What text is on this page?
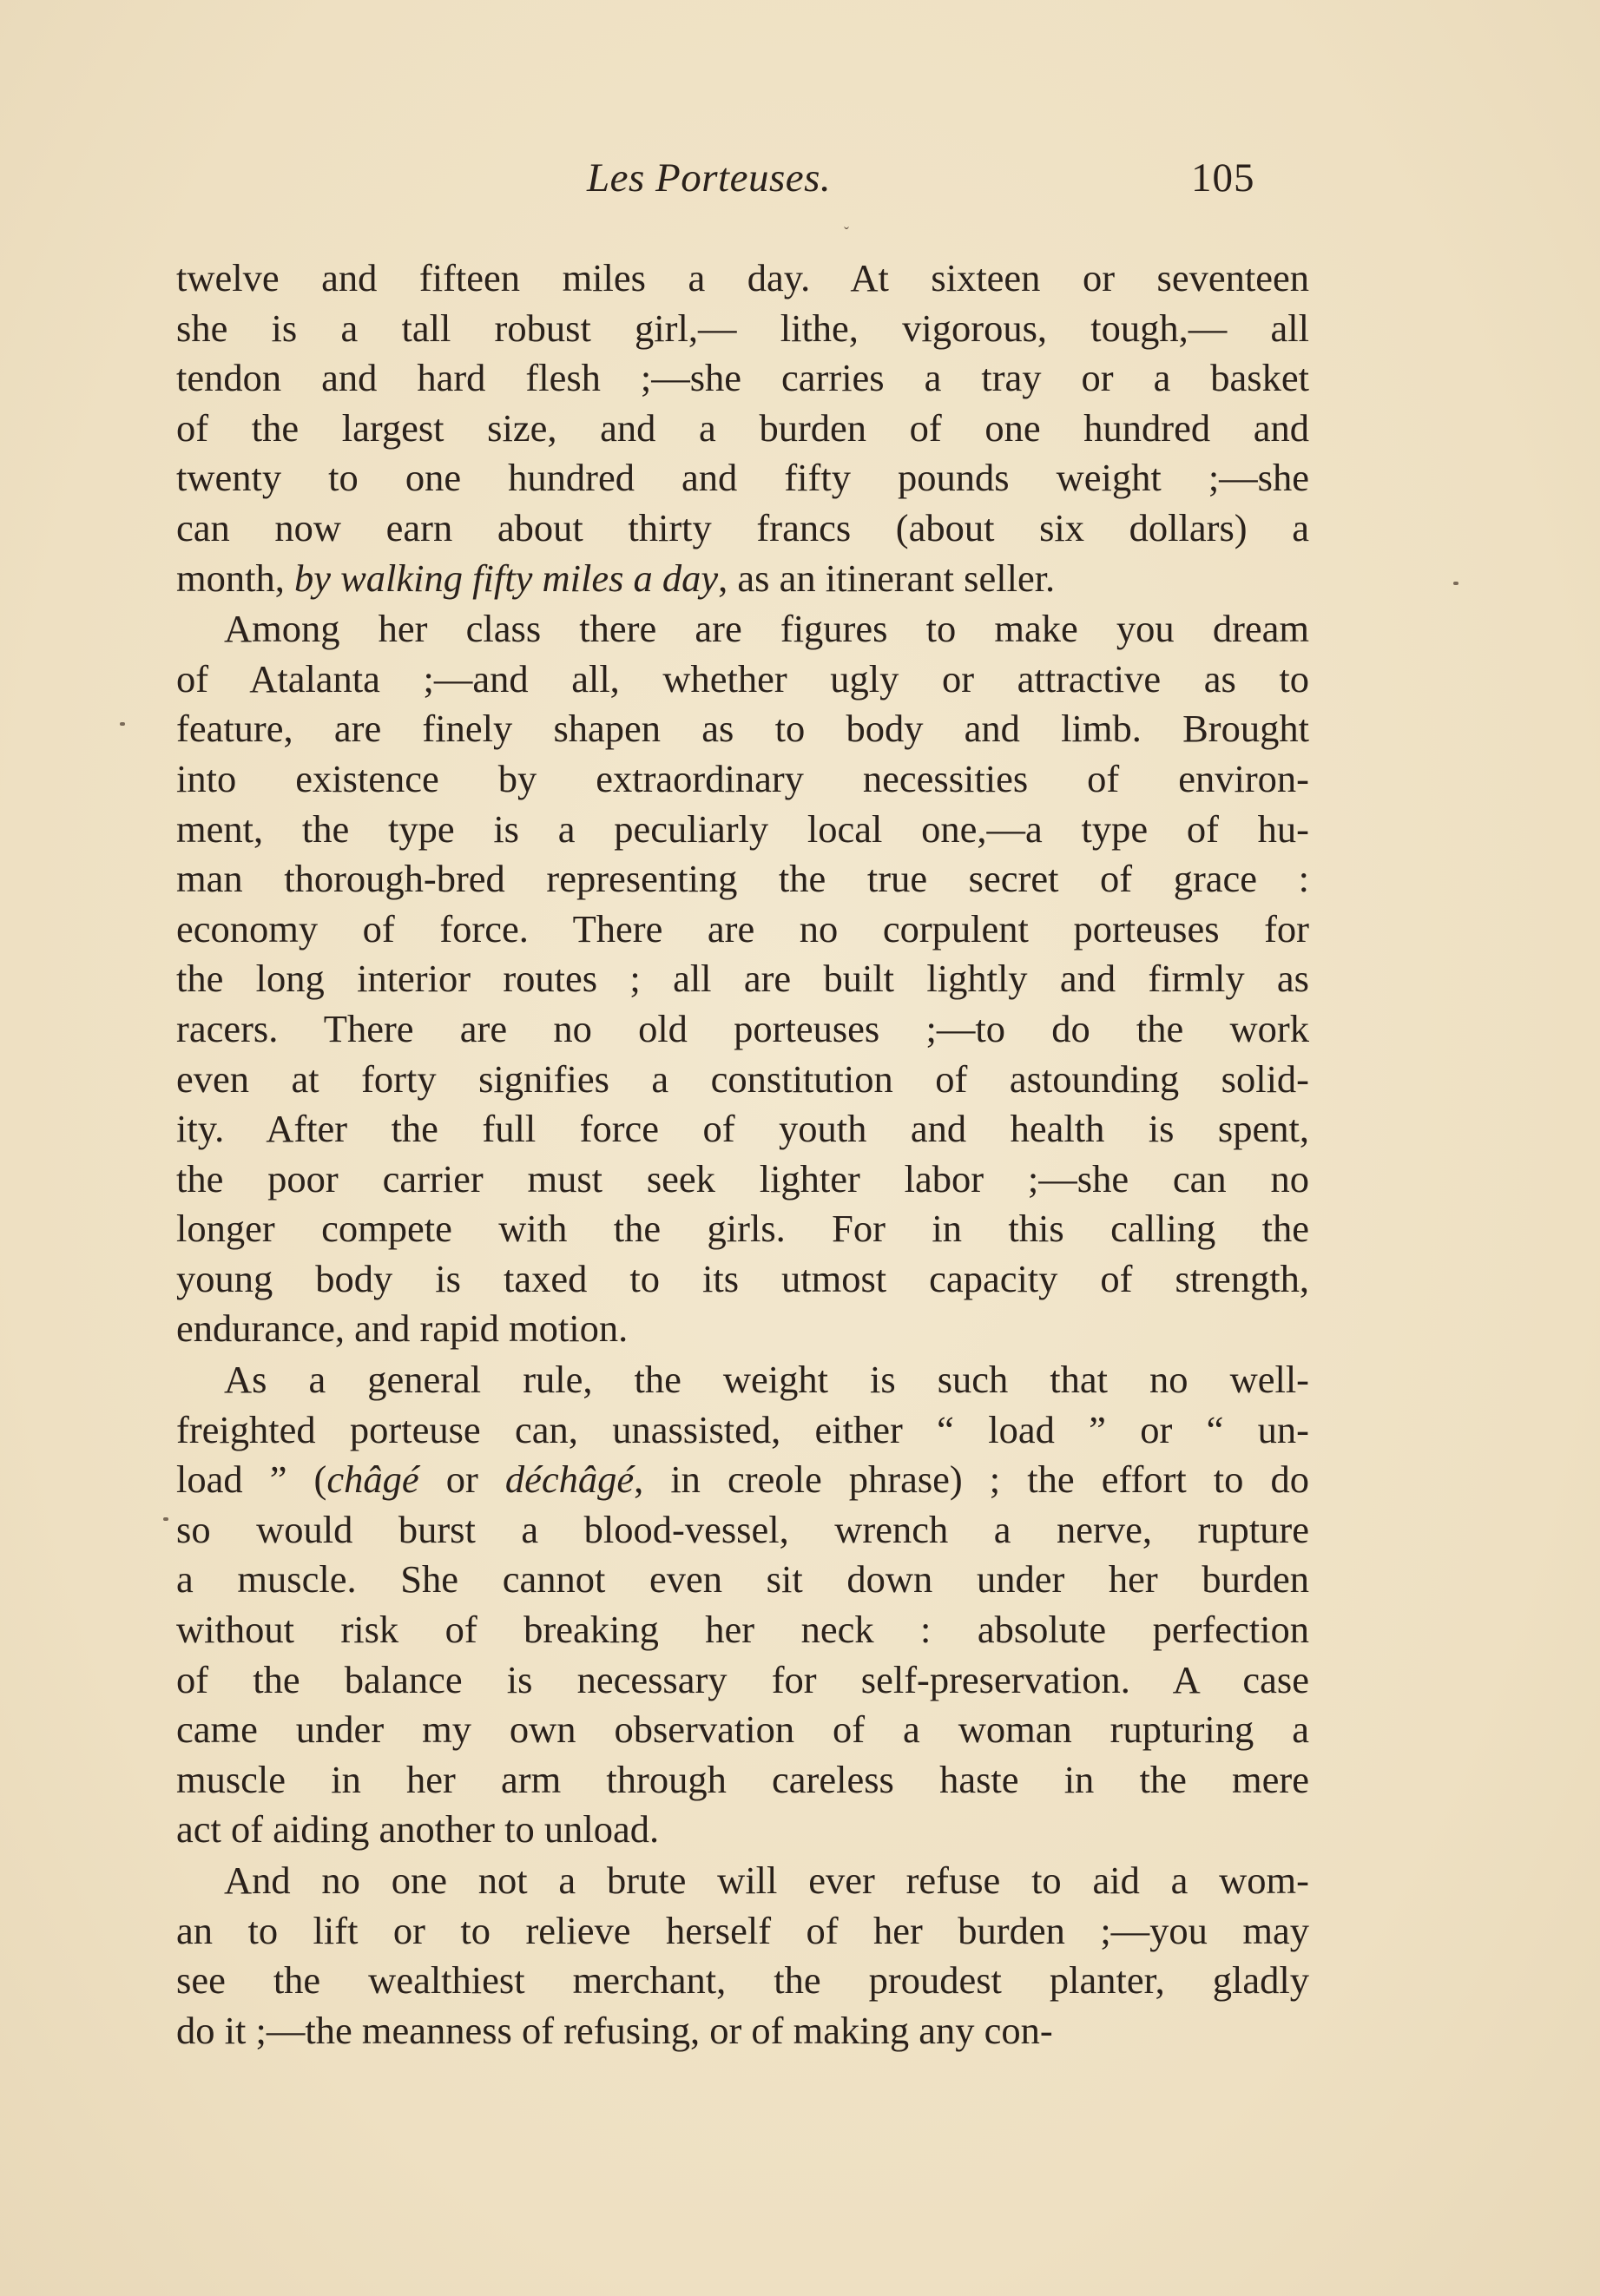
Les Porteuses.	105
ˇ
twelve and fifteen miles a day. At sixteen or seventeen
she is a tall robust girl,— lithe, vigorous, tough,— all
tendon and hard flesh ;—she carries a tray or a basket
of the largest size, and a burden of one hundred and
twenty to one hundred and fifty pounds weight ;—she
can now earn about thirty francs (about six dollars) a
month, by walking fifty miles a day, as an itinerant seller.
Among her class there are figures to make you dream
of Atalanta ;—and all, whether ugly or attractive as to
feature, are finely shapen as to body and limb. Brought
into existence by extraordinary necessities of environ-
ment, the type is a peculiarly local one,—a type of hu-
man thorough-bred representing the true secret of grace :
economy of force. There are no corpulent porteuses for
the long interior routes ; all are built lightly and firmly as
racers. There are no old porteuses ;—to do the work
even at forty signifies a constitution of astounding solid-
ity. After the full force of youth and health is spent,
the poor carrier must seek lighter labor ;—she can no
longer compete with the girls. For in this calling the
young body is taxed to its utmost capacity of strength,
endurance, and rapid motion.
As a general rule, the weight is such that no well-
freighted porteuse can, unassisted, either “ load ” or “ un-
load ” (châgé or déchâgé, in creole phrase) ; the effort to do
so would burst a blood-vessel, wrench a nerve, rupture
a muscle. She cannot even sit down under her burden
without risk of breaking her neck : absolute perfection
of the balance is necessary for self-preservation. A case
came under my own observation of a woman rupturing a
muscle in her arm through careless haste in the mere
act of aiding another to unload.
And no one not a brute will ever refuse to aid a wom-
an to lift or to relieve herself of her burden ;—you may
see the wealthiest merchant, the proudest planter, gladly
do it ;—the meanness of refusing, or of making any con-
